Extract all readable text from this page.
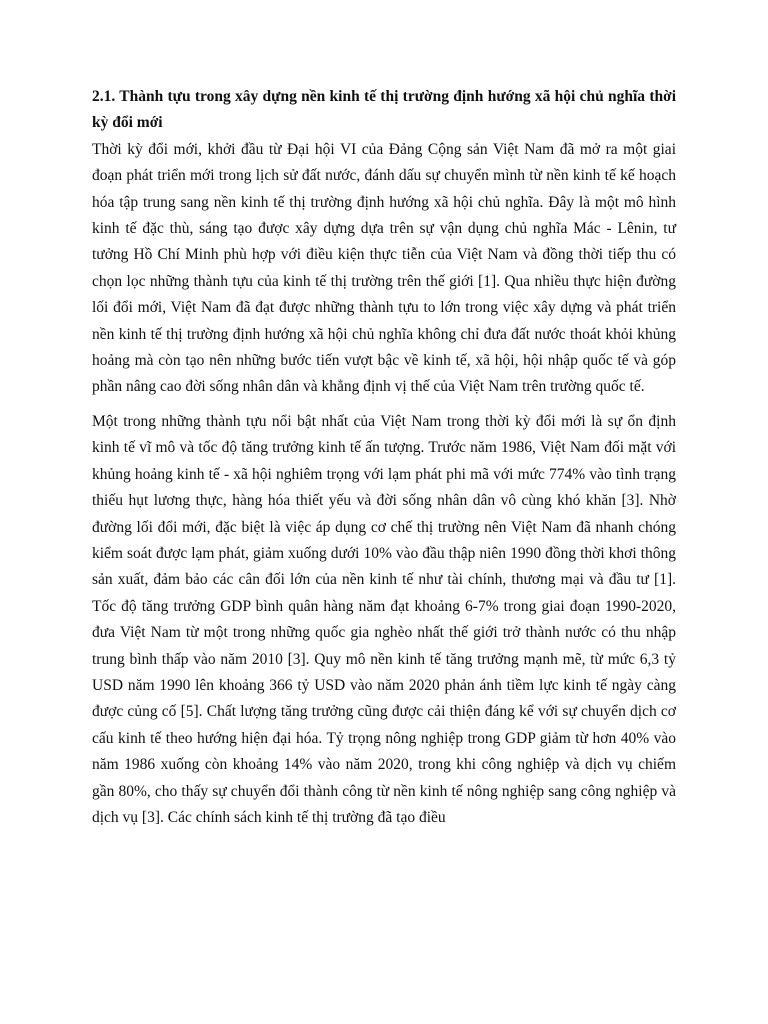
2.1. Thành tựu trong xây dựng nền kinh tế thị trường định hướng xã hội chủ nghĩa thời kỳ đổi mới

Thời kỳ đổi mới, khởi đầu từ Đại hội VI của Đảng Cộng sản Việt Nam đã mở ra một giai đoạn phát triển mới trong lịch sử đất nước, đánh dấu sự chuyển mình từ nền kinh tế kế hoạch hóa tập trung sang nền kinh tế thị trường định hướng xã hội chủ nghĩa. Đây là một mô hình kinh tế đặc thù, sáng tạo được xây dựng dựa trên sự vận dụng chủ nghĩa Mác - Lênin, tư tưởng Hồ Chí Minh phù hợp với điều kiện thực tiễn của Việt Nam và đồng thời tiếp thu có chọn lọc những thành tựu của kinh tế thị trường trên thế giới [1]. Qua nhiều thực hiện đường lối đổi mới, Việt Nam đã đạt được những thành tựu to lớn trong việc xây dựng và phát triển nền kinh tế thị trường định hướng xã hội chủ nghĩa không chỉ đưa đất nước thoát khỏi khủng hoảng mà còn tạo nên những bước tiến vượt bậc về kinh tế, xã hội, hội nhập quốc tế và góp phần nâng cao đời sống nhân dân và khẳng định vị thế của Việt Nam trên trường quốc tế.

Một trong những thành tựu nổi bật nhất của Việt Nam trong thời kỳ đổi mới là sự ổn định kinh tế vĩ mô và tốc độ tăng trưởng kinh tế ấn tượng. Trước năm 1986, Việt Nam đối mặt với khủng hoảng kinh tế - xã hội nghiêm trọng với lạm phát phi mã với mức 774% vào tình trạng thiếu hụt lương thực, hàng hóa thiết yếu và đời sống nhân dân vô cùng khó khăn [3]. Nhờ đường lối đổi mới, đặc biệt là việc áp dụng cơ chế thị trường nên Việt Nam đã nhanh chóng kiểm soát được lạm phát, giảm xuống dưới 10% vào đầu thập niên 1990 đồng thời khơi thông sản xuất, đảm bảo các cân đối lớn của nền kinh tế như tài chính, thương mại và đầu tư [1]. Tốc độ tăng trưởng GDP bình quân hàng năm đạt khoảng 6-7% trong giai đoạn 1990-2020, đưa Việt Nam từ một trong những quốc gia nghèo nhất thế giới trở thành nước có thu nhập trung bình thấp vào năm 2010 [3]. Quy mô nền kinh tế tăng trưởng mạnh mẽ, từ mức 6,3 tỷ USD năm 1990 lên khoảng 366 tỷ USD vào năm 2020 phản ánh tiềm lực kinh tế ngày càng được củng cố [5]. Chất lượng tăng trưởng cũng được cải thiện đáng kể với sự chuyển dịch cơ cấu kinh tế theo hướng hiện đại hóa. Tỷ trọng nông nghiệp trong GDP giảm từ hơn 40% vào năm 1986 xuống còn khoảng 14% vào năm 2020, trong khi công nghiệp và dịch vụ chiếm gần 80%, cho thấy sự chuyển đổi thành công từ nền kinh tế nông nghiệp sang công nghiệp và dịch vụ [3]. Các chính sách kinh tế thị trường đã tạo điều
